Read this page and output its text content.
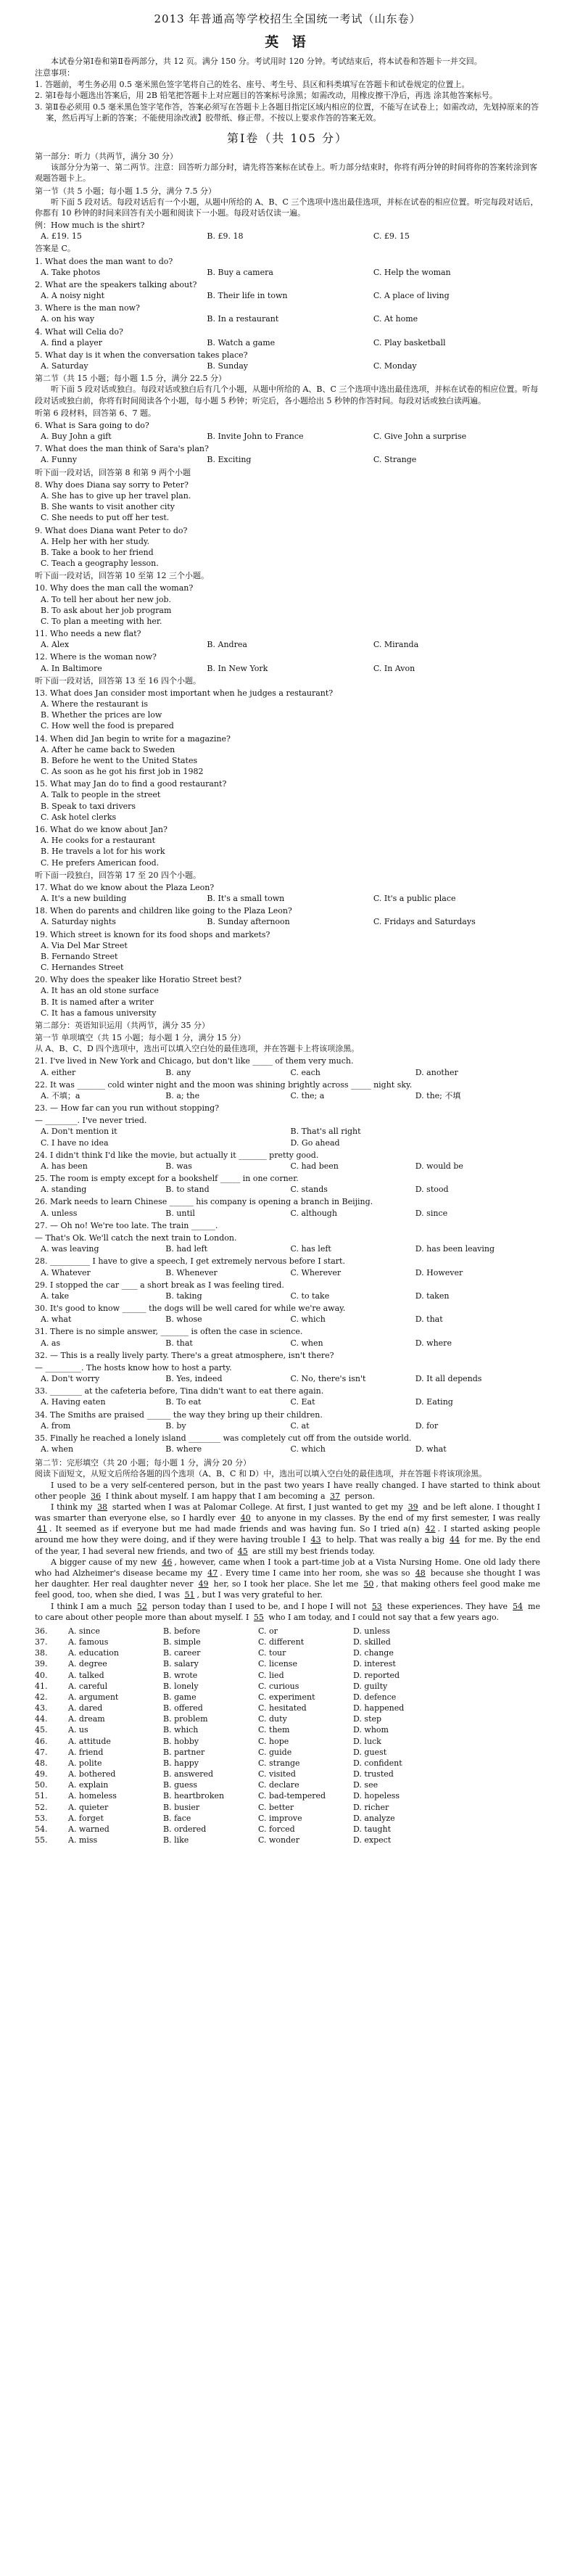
2013 年普通高等学校招生全国统一考试（山东卷）
英 语

本试卷分第Ⅰ卷和第Ⅱ卷两部分，共 12 页。满分 150 分。考试用时 120 分钟。考试结束后，将本试卷和答题卡一并交回。

注意事项：

1. 答题前，考生务必用 0.5 毫米黑色签字笔将自己的姓名、座号、考生号、县区和科类填写在答题卡和试卷规定的位置上。

2. 第Ⅰ卷每小题选出答案后，用 2B 铅笔把答题卡上对应题目的答案标号涂黑；如需改动，用橡皮擦干净后，再选 涂其他答案标号。

3. 第Ⅱ卷必须用 0.5 毫米黑色签字笔作答，答案必须写在答题卡上各题目指定区域内相应的位置，不能写在试卷上；如需改动，先划掉原来的答案，然后再写上新的答案；不能使用涂改液】胶带纸、修正带。不按以上要求作答的答案无效。

第Ⅰ卷（共 105 分）

第一部分：听力（共两节，满分 30 分）

该部分分为第一、第二两节。注意：回答听力部分时，请先将答案标在试卷上。听力部分结束时，你将有两分钟的时间将你的答案转涂到客观题答题卡上。

第一节（共 5 小题；每小题 1.5 分，满分 7.5 分）

听下面 5 段对话。每段对话后有一个小题，从题中所给的 A、B、C 三个选项中选出最佳选项，并标在试卷的相应位置。听完每段对话后，你都有 10 秒钟的时间来回答有关小题和阅读下一小题。每段对话仅读一遍。

例：How much is the shirt?

A. £19. 15	B. £9. 18	C. £9. 15

答案是 C。

1. What does the man want to do?

A. Take photos	B. Buy a camera	C. Help the woman

2. What are the speakers talking about?

A. A noisy night	B. Their life in town	C. A place of living

3. Where is the man now?

A. on his way	B. In a restaurant	C. At home

4. What will Celia do?

A. find a player	B. Watch a game	C. Play basketball

5. What day is it when the conversation takes place?

A. Saturday	B. Sunday	C. Monday

第二节（共 15 小题；每小题 1.5 分，满分 22.5 分）

听下面 5 段对话或独白。每段对话或独白后有几个小题，从题中所给的 A、B、C 三个选项中选出最佳选项，并标在试卷的相应位置。听每段对话或独白前，你将有时间阅读各个小题，每小题 5 秒钟；听完后，各小题给出 5 秒钟的作答时间。每段对话或独白读两遍。

听第 6 段材料，回答第 6、7 题。

6. What is Sara going to do?

A. Buy John a gift	B. Invite John to France	C. Give John a surprise

7. What does the man think of Sara's plan?

A. Funny	B. Exciting	C. Strange

听下面一段对话，回答第 8 和第 9 两个小题

8. Why does Diana say sorry to Peter?

A. She has to give up her travel plan.
B. She wants to visit another city
C. She needs to put off her test.

9. What does Diana want Peter to do?

A. Help her with her study.
B. Take a book to her friend
C. Teach a geography lesson.

听下面一段对话，回答第 10 至第 12 三个小题。

10. Why does the man call the woman?

A. To tell her about her new job.
B. To ask about her job program
C. To plan a meeting with her.

11. Who needs a new flat?

A. Alex	B. Andrea	C. Miranda

12. Where is the woman now?

A. In Baltimore	B. In New York	C. In Avon

听下面一段对话，回答第 13 至 16 四个小题。

13. What does Jan consider most important when he judges a restaurant?

A. Where the restaurant is
B. Whether the prices are low
C. How well the food is prepared

14. When did Jan begin to write for a magazine?

A. After he came back to Sweden
B. Before he went to the United States
C. As soon as he got his first job in 1982

15. What may Jan do to find a good restaurant?

A. Talk to people in the street
B. Speak to taxi drivers
C. Ask hotel clerks

16. What do we know about Jan?

A. He cooks for a restaurant
B. He travels a lot for his work
C. He prefers American food.

听下面一段独白，回答第 17 至 20 四个小题。

17. What do we know about the Plaza Leon?

A. It's a new building	B. It's a small town	C. It's a public place

18. When do parents and children like going to the Plaza Leon?

A. Saturday nights	B. Sunday afternoon	C. Fridays and Saturdays

19. Which street is known for its food shops and markets?

A. Via Del Mar Street
B. Fernando Street
C. Hernandes Street

20. Why does the speaker like Horatio Street best?

A. It has an old stone surface
B. It is named after a writer
C. It has a famous university

第二部分：英语知识运用（共两节，满分 35 分）

第一节 单项填空（共 15 小题；每小题 1 分，满分 15 分）

从 A、B、C、D 四个选项中，选出可以填入空白处的最佳选项，并在答题卡上将该项涂黑。

21. I've lived in New York and Chicago, but don't like _____ of them very much.

A. either	B. any	C. each	D. another

22. It was _______ cold winter night and the moon was shining brightly across _____ night sky.

A. 不填；a	B. a; the	C. the; a	D. the; 不填

23. — How far can you run without stopping?

— ________. I've never tried.

A. Don't mention it	B. That's all right
C. I have no idea	D. Go ahead

24. I didn't think I'd like the movie, but actually it _______ pretty good.

A. has been	B. was	C. had been	D. would be

25. The room is empty except for a bookshelf _____ in one corner.

A. standing	B. to stand	C. stands	D. stood

26. Mark needs to learn Chinese ______ his company is opening a branch in Beijing.

A. unless	B. until	C. although	D. since

27. — Oh no! We're too late. The train ______.

— That's Ok. We'll catch the next train to London.

A. was leaving	B. had left	C. has left	D. has been leaving

28. __________ I have to give a speech, I get extremely nervous before I start.

A. Whatever	B. Whenever	C. Wherever	D. However

29. I stopped the car ____ a short break as I was feeling tired.

A. take	B. taking	C. to take	D. taken

30. It's good to know ______ the dogs will be well cared for while we're away.

A. what	B. whose	C. which	D. that

31. There is no simple answer, _______ is often the case in science.

A. as	B. that	C. when	D. where

32. — This is a really lively party. There's a great atmosphere, isn't there?

— _________. The hosts know how to host a party.

A. Don't worry	B. Yes, indeed	C. No, there's isn't	D. It all depends

33. ________ at the cafeteria before, Tina didn't want to eat there again.

A. Having eaten	B. To eat	C. Eat	D. Eating

34. The Smiths are praised ______ the way they bring up their children.

A. from	B. by	C. at	D. for

35. Finally he reached a lonely island ________ was completely cut off from the outside world.

A. when	B. where	C. which	D. what

第二节：完形填空（共 20 小题；每小题 1 分，满分 20 分）

阅读下面短文，从短文后所给各题的四个选项（A、B、C 和 D）中，选出可以填入空白处的最佳选项，并在答题卡将该项涂黑。

I used to be a very self-centered person, but in the past two years I have really changed. I have started to think about other people 36 I think about myself. I am happy that I am becoming a 37 person.

I think my 38 started when I was at Palomar College. At first, I just wanted to get my 39 and be left alone. I thought I was smarter than everyone else, so I hardly ever 40 to anyone in my classes. By the end of my first semester, I was really 41 . It seemed as if everyone but me had made friends and was having fun. So I tried a(n) 42 . I started asking people around me how they were doing, and if they were having trouble I 43 to help. That was really a big 44 for me. By the end of the year, I had several new friends, and two of 45 are still my best friends today.

A bigger cause of my new 46 , however, came when I took a part-time job at a Vista Nursing Home. One old lady there who had Alzheimer's disease became my 47 . Every time I came into her room, she was so 48 because she thought I was her daughter. Her real daughter never 49 her, so I took her place. She let me 50 , that making others feel good make me feel good, too, when she died, I was 51 , but I was very grateful to her.

I think I am a much 52 person today than I used to be, and I hope I will not 53 these experiences. They have 54 me to care about other people more than about myself. I 55 who I am today, and I could not say that a few years ago.

36.	A. since	B. before	C. or	D. unless
37.	A. famous	B. simple	C. different	D. skilled
38.	A. education	B. career	C. tour	D. change
39.	A. degree	B. salary	C. license	D. interest
40.	A. talked	B. wrote	C. lied	D. reported
41.	A. careful	B. lonely	C. curious	D. guilty
42.	A. argument	B. game	C. experiment	D. defence
43.	A. dared	B. offered	C. hesitated	D. happened
44.	A. dream	B. problem	C. duty	D. step
45.	A. us	B. which	C. them	D. whom
46.	A. attitude	B. hobby	C. hope	D. luck
47.	A. friend	B. partner	C. guide	D. guest
48.	A. polite	B. happy	C. strange	D. confident
49.	A. bothered	B. answered	C. visited	D. trusted
50.	A. explain	B. guess	C. declare	D. see
51.	A. homeless	B. heartbroken	C. bad-tempered	D. hopeless
52.	A. quieter	B. busier	C. better	D. richer
53.	A. forget	B. face	C. improve	D. analyze
54.	A. warned	B. ordered	C. forced	D. taught
55.	A. miss	B. like	C. wonder	D. expect
